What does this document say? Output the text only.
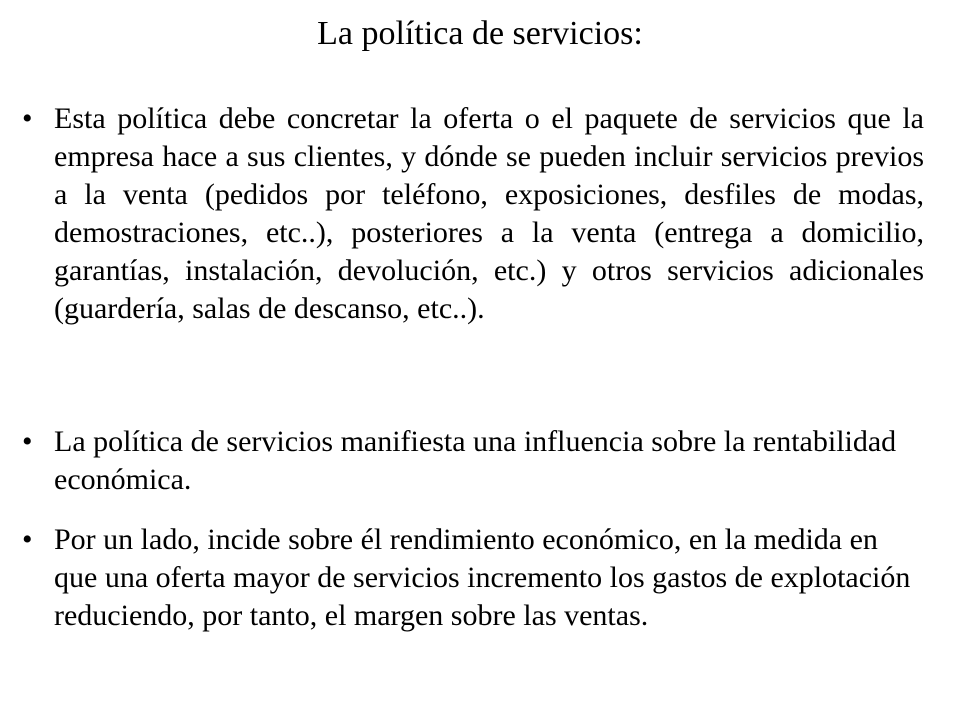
La política de servicios:
• Esta política debe concretar la oferta o el paquete de servicios que la empresa hace a sus clientes, y dónde se pueden incluir servicios previos a la venta (pedidos por teléfono, exposiciones, desfiles de modas, demostraciones, etc..), posteriores a la venta (entrega a domicilio, garantías, instalación, devolución, etc.) y otros servicios adicionales (guardería, salas de descanso, etc..).
• La política de servicios manifiesta una influencia sobre la rentabilidad económica.
• Por un lado, incide sobre él rendimiento económico, en la medida en que una oferta mayor de servicios incremento los gastos de explotación reduciendo, por tanto, el margen sobre las ventas.
